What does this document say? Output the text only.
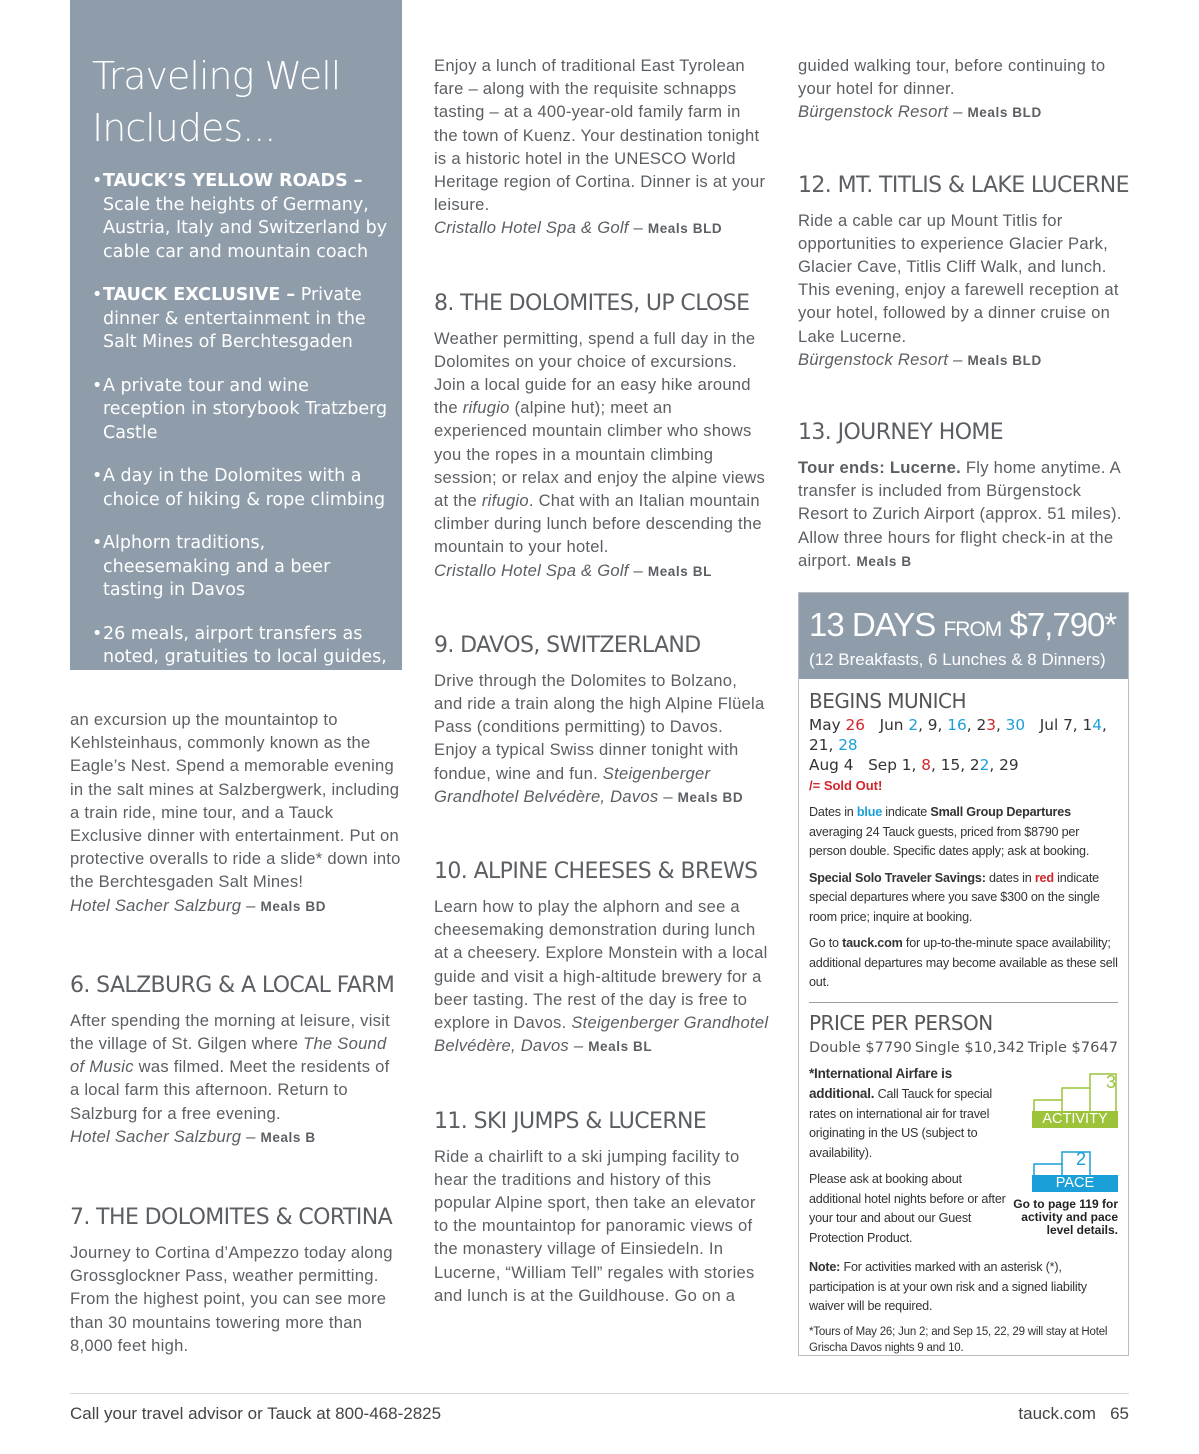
Traveling Well
Includes...
• TAUCK’S YELLOW ROADS – Scale the heights of Germany, Austria, Italy and Switzerland by cable car and mountain coach
• TAUCK EXCLUSIVE – Private dinner & entertainment in the Salt Mines of Berchtesgaden
• A private tour and wine reception in storybook Tratzberg Castle
• A day in the Dolomites with a choice of hiking & rope climbing
• Alphorn traditions, cheesemaking and a beer tasting in Davos
• 26 meals, airport transfers as noted, gratuities to local guides, admissions, taxes and porterage

an excursion up the mountaintop to Kehlsteinhaus, commonly known as the Eagle’s Nest. Spend a memorable evening in the salt mines at Salzbergwerk, including a train ride, mine tour, and a Tauck Exclusive dinner with entertainment. Put on protective overalls to ride a slide* down into the Berchtesgaden Salt Mines!
Hotel Sacher Salzburg – Meals BD

6. SALZBURG & A LOCAL FARM

After spending the morning at leisure, visit the village of St. Gilgen where The Sound of Music was filmed. Meet the residents of a local farm this afternoon. Return to Salzburg for a free evening.
Hotel Sacher Salzburg – Meals B

7. THE DOLOMITES & CORTINA

Journey to Cortina d’Ampezzo today along Grossglockner Pass, weather permitting. From the highest point, you can see more than 30 mountains towering more than 8,000 feet high.

Enjoy a lunch of traditional East Tyrolean fare – along with the requisite schnapps tasting – at a 400-year-old family farm in the town of Kuenz. Your destination tonight is a historic hotel in the UNESCO World Heritage region of Cortina. Dinner is at your leisure.
Cristallo Hotel Spa & Golf – Meals BLD

8. THE DOLOMITES, UP CLOSE

Weather permitting, spend a full day in the Dolomites on your choice of excursions. Join a local guide for an easy hike around the rifugio (alpine hut); meet an experienced mountain climber who shows you the ropes in a mountain climbing session; or relax and enjoy the alpine views at the rifugio. Chat with an Italian mountain climber during lunch before descending the mountain to your hotel.
Cristallo Hotel Spa & Golf – Meals BL

9. DAVOS, SWITZERLAND

Drive through the Dolomites to Bolzano, and ride a train along the high Alpine Flüela Pass (conditions permitting) to Davos. Enjoy a typical Swiss dinner tonight with fondue, wine and fun. Steigenberger Grandhotel Belvédère, Davos – Meals BD

10. ALPINE CHEESES & BREWS

Learn how to play the alphorn and see a cheesemaking demonstration during lunch at a cheesery. Explore Monstein with a local guide and visit a high-altitude brewery for a beer tasting. The rest of the day is free to explore in Davos. Steigenberger Grandhotel Belvédère, Davos – Meals BL

11. SKI JUMPS & LUCERNE

Ride a chairlift to a ski jumping facility to hear the traditions and history of this popular Alpine sport, then take an elevator to the mountaintop for panoramic views of the monastery village of Einsiedeln. In Lucerne, “William Tell” regales with stories and lunch is at the Guildhouse. Go on a

guided walking tour, before continuing to your hotel for dinner.
Bürgenstock Resort – Meals BLD

12. MT. TITLIS & LAKE LUCERNE

Ride a cable car up Mount Titlis for opportunities to experience Glacier Park, Glacier Cave, Titlis Cliff Walk, and lunch. This evening, enjoy a farewell reception at your hotel, followed by a dinner cruise on Lake Lucerne.
Bürgenstock Resort – Meals BLD

13. JOURNEY HOME

Tour ends: Lucerne. Fly home anytime. A transfer is included from Bürgenstock Resort to Zurich Airport (approx. 51 miles). Allow three hours for flight check-in at the airport. Meals B

13 DAYS FROM $7,790*
(12 Breakfasts, 6 Lunches & 8 Dinners)
BEGINS MUNICH
May 26 Jun 2, 9, 16, 23, 30 Jul 7, 14, 21, 28
Aug 4 Sep 1, 8, 15, 22, 29
/= Sold Out!

Dates in blue indicate Small Group Departures averaging 24 Tauck guests, priced from $8790 per person double. Specific dates apply; ask at booking.

Special Solo Traveler Savings: dates in red indicate special departures where you save $300 on the single room price; inquire at booking.

Go to tauck.com for up-to-the-minute space availability; additional departures may become available as these sell out.

PRICE PER PERSON
Double $7790 Single $10,342 Triple $7647

*International Airfare is additional. Call Tauck for special rates on international air for travel originating in the US (subject to availability).

Please ask at booking about additional hotel nights before or after your tour and about our Guest Protection Product.

3
ACTIVITY
2
PACE
Go to page 119 for activity and pace level details.

Note: For activities marked with an asterisk (*), participation is at your own risk and a signed liability waiver will be required.

*Tours of May 26; Jun 2; and Sep 15, 22, 29 will stay at Hotel Grischa Davos nights 9 and 10.
Call your travel advisor or Tauck at 800-468-2825	tauck.com 65
